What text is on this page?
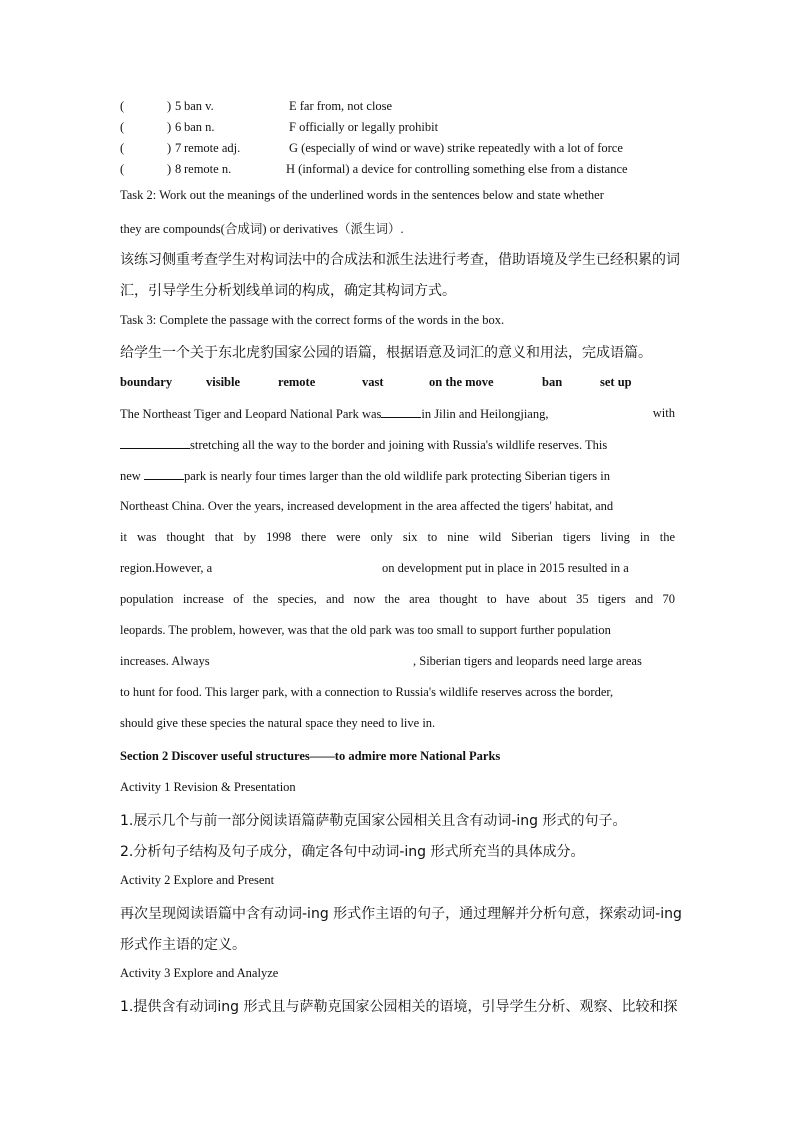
(	) 5 ban v.	E far from, not close
(	) 6 ban n.	F officially or legally prohibit
(	) 7 remote adj.	G (especially of wind or wave) strike repeatedly with a lot of force
(	) 8 remote n.	H (informal) a device for controlling something else from a distance
Task 2: Work out the meanings of the underlined words in the sentences below and state whether
they are compounds(合成词) or derivatives（派生词）.
该练习侧重考查学生对构词法中的合成法和派生法进行考查，借助语境及学生已经积累的词
汇，引导学生分析划线单词的构成，确定其构词方式。
Task 3: Complete the passage with the correct forms of the words in the box.
给学生一个关于东北虎豹国家公园的语篇，根据语意及词汇的意义和用法，完成语篇。
boundary	visible	remote	vast	on the move	ban	set up
The Northeast Tiger and Leopard National Park was	in Jilin and Heilongjiang,	with
stretching all the way to the border and joining with Russia's wildlife reserves. This
new	park is nearly four times larger than the old wildlife park protecting Siberian tigers in
Northeast China. Over the years, increased development in the area affected the tigers' habitat, and
it was thought that by 1998 there were only six to nine wild Siberian tigers living in the
region.However, a	on development put in place in 2015 resulted in a
population increase of the species, and now the area thought to have about 35 tigers and 70
leopards. The problem, however, was that the old park was too small to support further population
increases. Always	, Siberian tigers and leopards need large areas
to hunt for food. This larger park, with a connection to Russia's wildlife reserves across the border,
should give these species the natural space they need to live in.
Section 2 Discover useful structures——to admire more National Parks
Activity 1 Revision & Presentation
1.展示几个与前一部分阅读语篇萨勒克国家公园相关且含有动词-ing 形式的句子。
2.分析句子结构及句子成分，确定各句中动词-ing 形式所充当的具体成分。
Activity 2 Explore and Present
再次呈现阅读语篇中含有动词-ing 形式作主语的句子，通过理解并分析句意，探索动词-ing
形式作主语的定义。
Activity 3 Explore and Analyze
1.提供含有动词ing 形式且与萨勒克国家公园相关的语境，引导学生分析、观察、比较和探
